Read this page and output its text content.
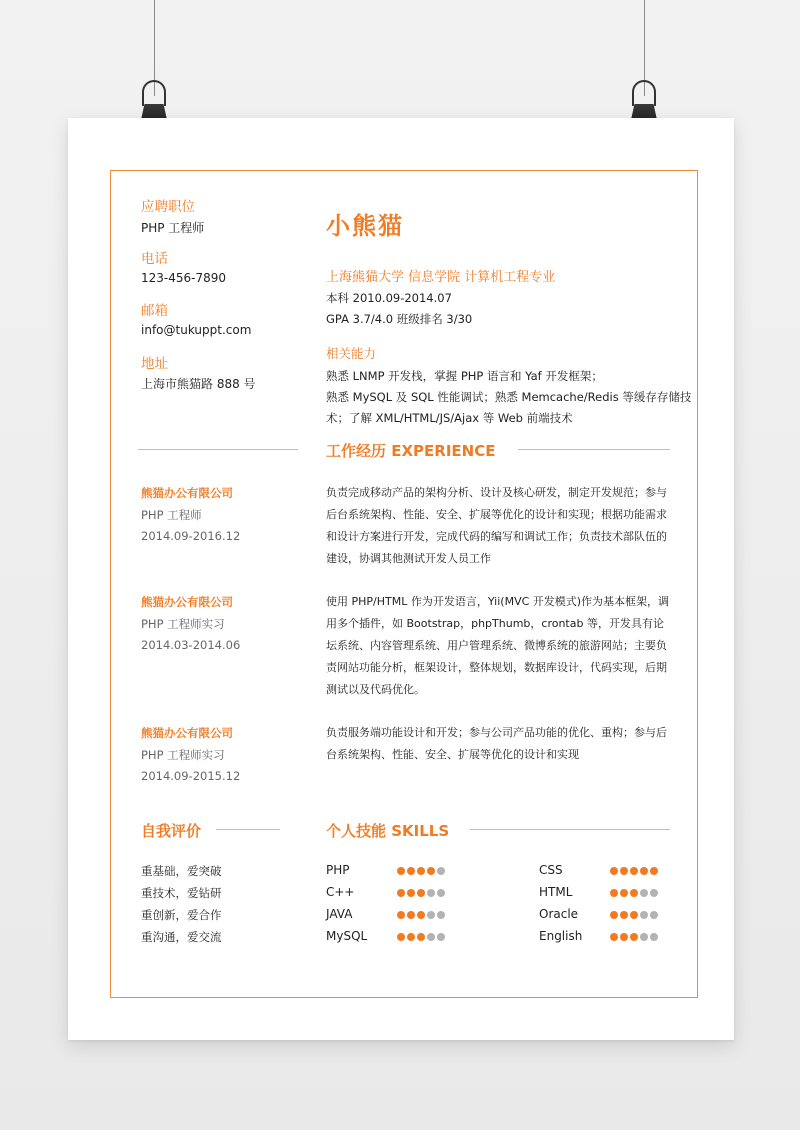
应聘职位
PHP 工程师
电话
123-456-7890
邮箱
info@tukuppt.com
地址
上海市熊猫路 888 号
小熊猫
上海熊猫大学 信息学院 计算机工程专业
本科 2010.09-2014.07
GPA 3.7/4.0 班级排名 3/30
相关能力
熟悉 LNMP 开发栈，掌握 PHP 语言和 Yaf 开发框架；
熟悉 MySQL 及 SQL 性能调试；熟悉 Memcache/Redis 等缓存存储技
术；了解 XML/HTML/JS/Ajax 等 Web 前端技术
工作经历 EXPERIENCE
熊猫办公有限公司
PHP 工程师
2014.09-2016.12
负责完成移动产品的架构分析、设计及核心研发，制定开发规范；参与后台系统架构、性能、安全、扩展等优化的设计和实现；根据功能需求和设计方案进行开发，完成代码的编写和调试工作；负责技术部队伍的建设，协调其他测试开发人员工作
熊猫办公有限公司
PHP 工程师实习
2014.03-2014.06
使用 PHP/HTML 作为开发语言，Yii(MVC 开发模式)作为基本框架，调用多个插件，如 Bootstrap，phpThumb，crontab 等，开发具有论坛系统、内容管理系统、用户管理系统、微博系统的旅游网站；主要负责网站功能分析，框架设计，整体规划，数据库设计，代码实现，后期测试以及代码优化。
熊猫办公有限公司
PHP 工程师实习
2014.09-2015.12
负责服务端功能设计和开发；参与公司产品功能的优化、重构；参与后台系统架构、性能、安全、扩展等优化的设计和实现
自我评价
重基础，爱突破
重技术，爱钻研
重创新，爱合作
重沟通，爱交流
个人技能 SKILLS
PHP
C++
JAVA
MySQL
CSS
HTML
Oracle
English
